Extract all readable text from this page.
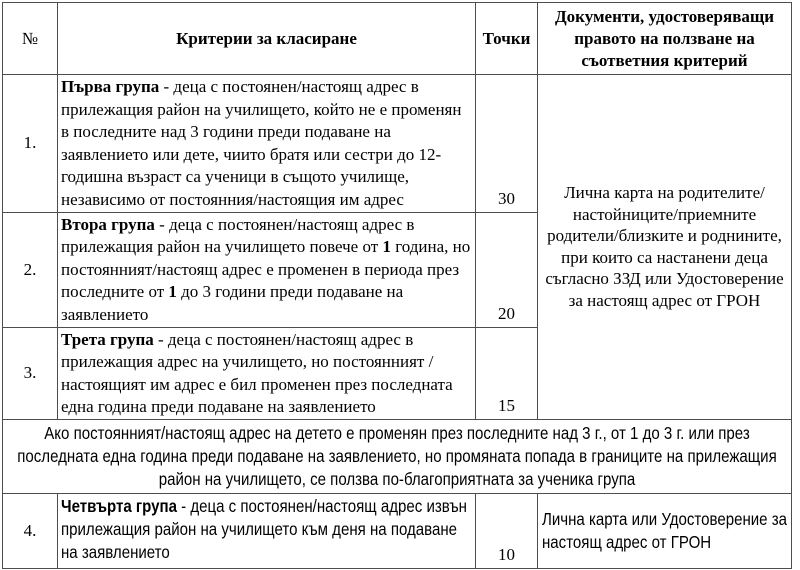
№	Критерии за класиране	Точки	Документи, удостоверяващи правото на ползване на съответния критерий
1.	Първа група - деца с постоянен/настоящ адрес в прилежащия район на училището, който не е променян в последните над 3 години преди подаване на заявлението или дете, чиито братя или сестри до 12-годишна възраст са ученици в същото училище, независимо от постоянния/настоящия им адрес	30	Лична карта на родителите/настойниците/приемните родители/близките и роднините, при които са настанени деца съгласно ЗЗД или Удостоверение за настоящ адрес от ГРОН
2.	Втора група - деца с постоянен/настоящ адрес в прилежащия район на училището повече от 1 година, но постоянният/настоящ адрес е променен в периода през последните от 1 до 3 години преди подаване на заявлението	20	
3.	Трета група - деца с постоянен/настоящ адрес в прилежащия адрес на училището, но постоянният /настоящият им адрес е бил променен през последната една година преди подаване на заявлението	15	

Ако постоянният/настоящ адрес на детето е променян през последните над 3 г., от 1 до 3 г. или през последната една година преди подаване на заявлението, но промяната попада в границите на прилежащия район на училището, се ползва по-благоприятната за ученика група			

4.	Четвърта група - деца с постоянен/настоящ адрес извън прилежащия район на училището към деня на подаване на заявлението	10	Лична карта или Удостоверение за настоящ адрес от ГРОН
